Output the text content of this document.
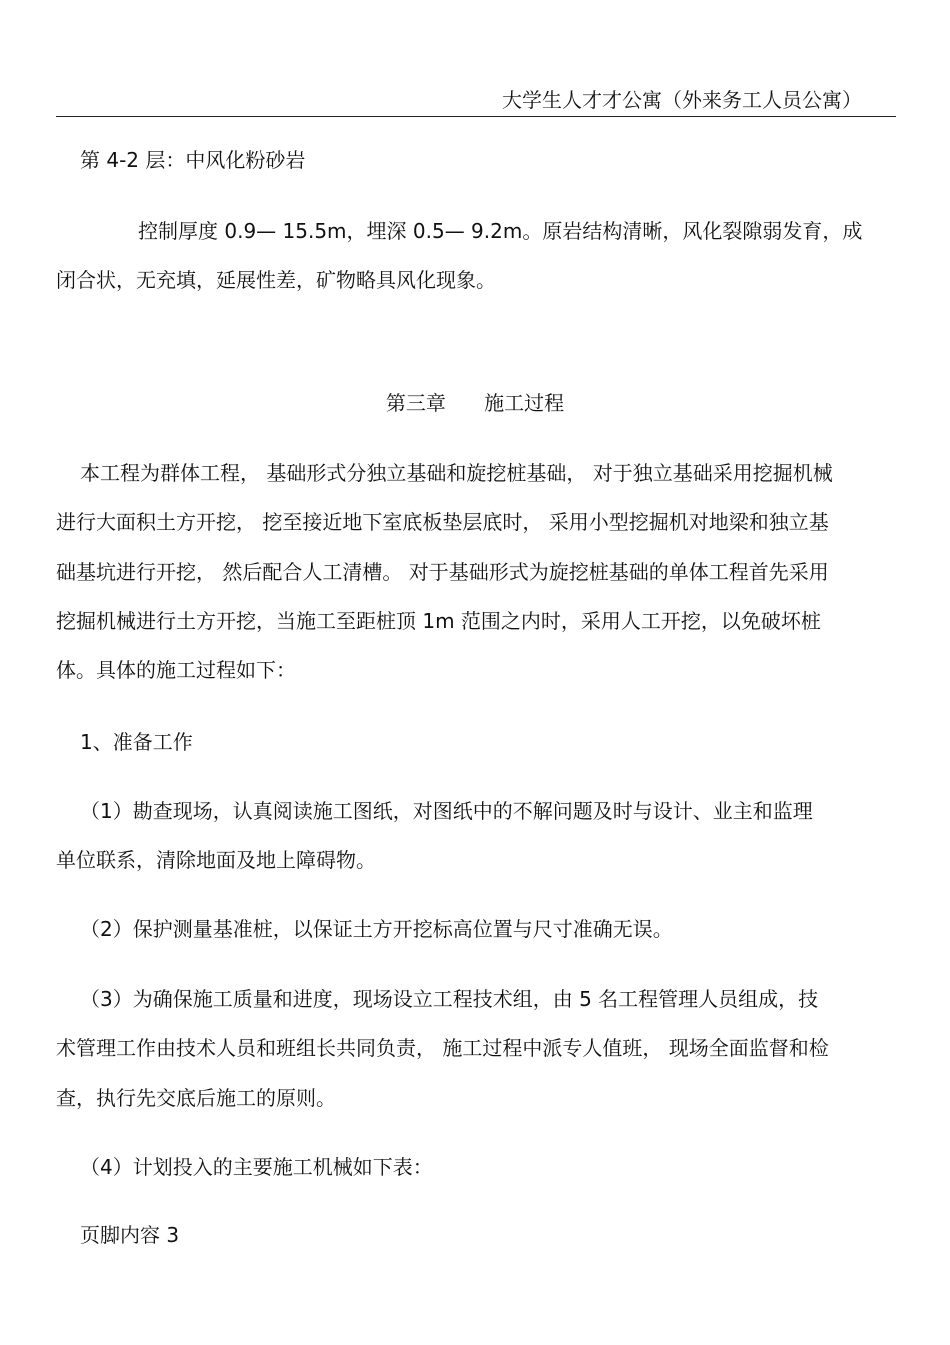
大学生人才才公寓（外来务工人员公寓）
第 4-2 层：中风化粉砂岩
控制厚度 0.9— 15.5m，埋深 0.5— 9.2m。原岩结构清晰，风化裂隙弱发育，成
闭合状，无充填，延展性差，矿物略具风化现象。
第三章      施工过程
本工程为群体工程， 基础形式分独立基础和旋挖桩基础， 对于独立基础采用挖掘机械
进行大面积土方开挖， 挖至接近地下室底板垫层底时， 采用小型挖掘机对地梁和独立基
础基坑进行开挖， 然后配合人工清槽。 对于基础形式为旋挖桩基础的单体工程首先采用
挖掘机械进行土方开挖，当施工至距桩顶 1m 范围之内时，采用人工开挖，以免破坏桩
体。具体的施工过程如下：
1、准备工作
（1）勘查现场，认真阅读施工图纸，对图纸中的不解问题及时与设计、业主和监理
单位联系，清除地面及地上障碍物。
（2）保护测量基准桩，以保证土方开挖标高位置与尺寸准确无误。
（3）为确保施工质量和进度，现场设立工程技术组，由 5 名工程管理人员组成，技
术管理工作由技术人员和班组长共同负责， 施工过程中派专人值班， 现场全面监督和检
查，执行先交底后施工的原则。
（4）计划投入的主要施工机械如下表：
页脚内容 3
